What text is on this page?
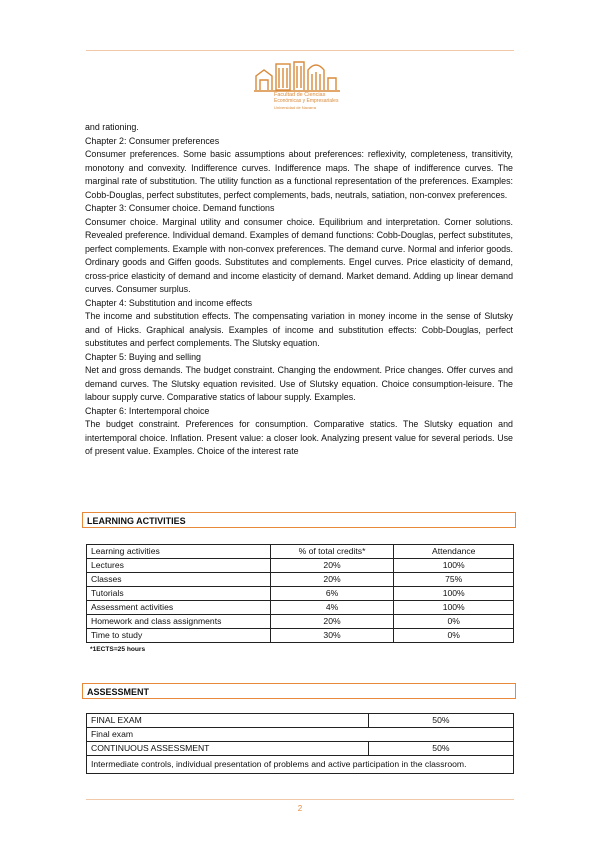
Facultad de Ciencias
Económicas y Empresariales
Universidad de Navarra

and rationing.

Chapter 2: Consumer preferences

Consumer preferences. Some basic assumptions about preferences: reflexivity, completeness, transitivity, monotony and convexity. Indifference curves. Indifference maps. The shape of indifference curves. The marginal rate of substitution. The utility function as a functional representation of the preferences. Examples: Cobb-Douglas, perfect substitutes, perfect complements, bads, neutrals, satiation, non-convex preferences.

Chapter 3: Consumer choice. Demand functions

Consumer choice. Marginal utility and consumer choice. Equilibrium and interpretation. Corner solutions. Revealed preference. Individual demand. Examples of demand functions: Cobb-Douglas, perfect substitutes, perfect complements. Example with non-convex preferences. The demand curve. Normal and inferior goods. Ordinary goods and Giffen goods. Substitutes and complements. Engel curves. Price elasticity of demand, cross-price elasticity of demand and income elasticity of demand. Market demand. Adding up linear demand curves. Consumer surplus.

Chapter 4: Substitution and income effects

The income and substitution effects. The compensating variation in money income in the sense of Slutsky and of Hicks. Graphical analysis. Examples of income and substitution effects: Cobb-Douglas, perfect substitutes and perfect complements. The Slutsky equation.

Chapter 5: Buying and selling

Net and gross demands. The budget constraint. Changing the endowment. Price changes. Offer curves and demand curves. The Slutsky equation revisited. Use of Slutsky equation. Choice consumption-leisure. The labour supply curve. Comparative statics of labour supply. Examples.

Chapter 6: Intertemporal choice

The budget constraint. Preferences for consumption. Comparative statics. The Slutsky equation and intertemporal choice. Inflation. Present value: a closer look. Analyzing present value for several periods. Use of present value. Examples. Choice of the interest rate

LEARNING ACTIVITIES
Learning activities	% of total credits*	Attendance
Lectures	20%	100%
Classes	20%	75%
Tutorials	6%	100%
Assessment activities	4%	100%
Homework and class assignments	20%	0%
Time to study	30%	0%
*1ECTS=25 hours
ASSESSMENT
FINAL EXAM	50%
Final exam	
CONTINUOUS ASSESSMENT	50%
Intermediate controls, individual presentation of problems and active participation in the classroom.	
2
